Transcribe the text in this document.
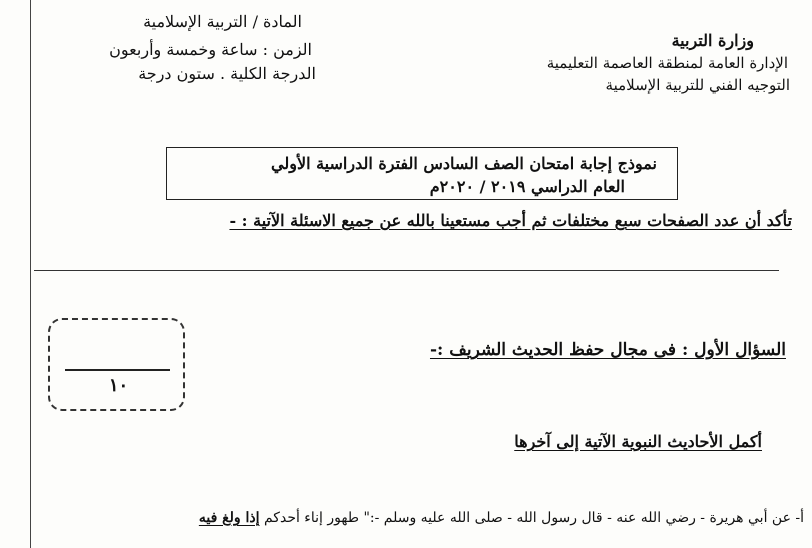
وزارة التربية
الإدارة العامة لمنطقة العاصمة التعليمية
التوجيه الفني للتربية الإسلامية
المادة / التربية الإسلامية
الزمن : ساعة وخمسة وأربعون
الدرجة الكلية . ستون درجة
نموذج إجابة امتحان الصف السادس الفترة الدراسية الأولي
العام الدراسي ٢٠١٩ / ٢٠٢٠م
تأكد أن عدد الصفحات سبع مختلفات ثم أجب مستعينا بالله عن جميع الاسئلة الآتية : -
السؤال الأول : فى مجال حفظ الحديث الشريف :-
١٠
أكمل الأحاديث النبوية الآتية إلى آخرها
أ- عن أبي هريرة - رضي الله عنه - قال رسول الله - صلى الله عليه وسلم -:" طهور إناء أحدكم إذا ولغ فيه
